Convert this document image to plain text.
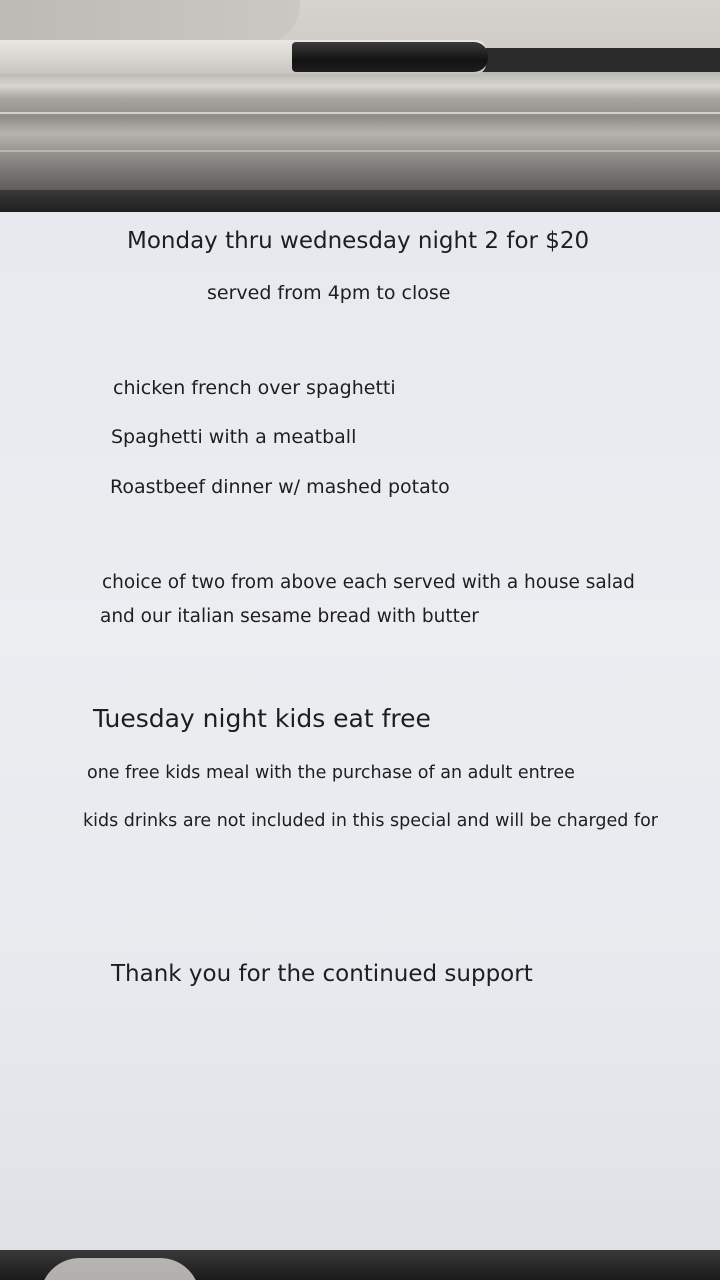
Monday thru wednesday night 2 for $20
served from 4pm to close
chicken french over spaghetti
Spaghetti with a meatball
Roastbeef dinner w/ mashed potato
choice of two from above each served with a house salad
and our italian sesame bread with butter
Tuesday night kids eat free
one free kids meal with the purchase of an adult entree
kids drinks are not included in this special and will be charged for
Thank you for the continued support
